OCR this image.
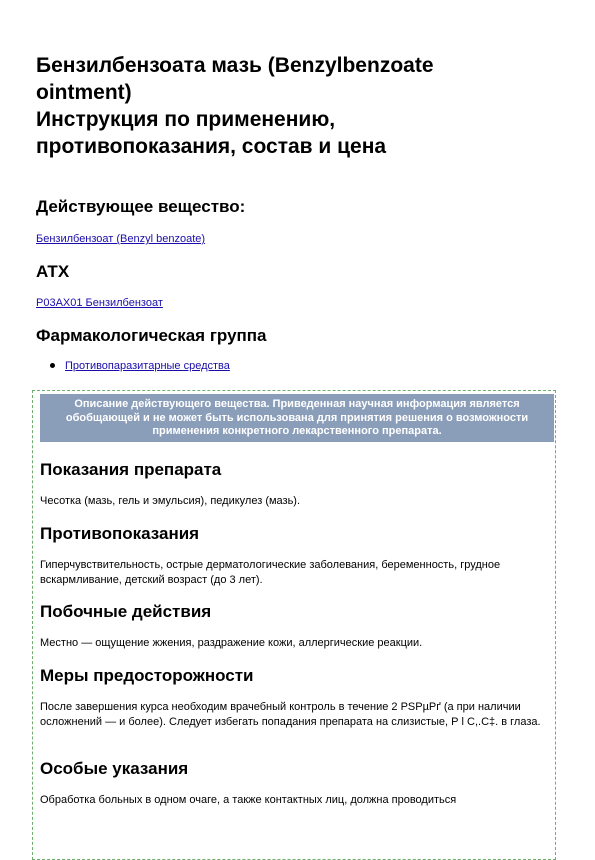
Бензилбензоата мазь (Benzylbenzoate
ointment)
Инструкция по применению,
противопоказания, состав и цена
Действующее вещество:
Бензилбензоат (Benzyl benzoate)
АТХ
P03AX01 Бензилбензоат
Фармакологическая группа
Противопаразитарные средства
Описание действующего вещества. Приведенная научная информация является обобщающей и не может быть использована для принятия решения о возможности применения конкретного лекарственного препарата.
Показания препарата

Чесотка (мазь, гель и эмульсия), педикулез (мазь).

Противопоказания

Гиперчувствительность, острые дерматологические заболевания, беременность, грудное вскармливание, детский возраст (до 3 лет).

Побочные действия

Местно — ощущение жжения, раздражение кожи, аллергические реакции.

Меры предосторожности

После завершения курса необходим врачебный контроль в течение 2 PSPµPґ (а при наличии осложнений — и более). Следует избегать попадания препарата на слизистые, Р l С,.С‡. в глаза.

Особые указания

Обработка больных в одном очаге, а также контактных лиц, должна проводиться
